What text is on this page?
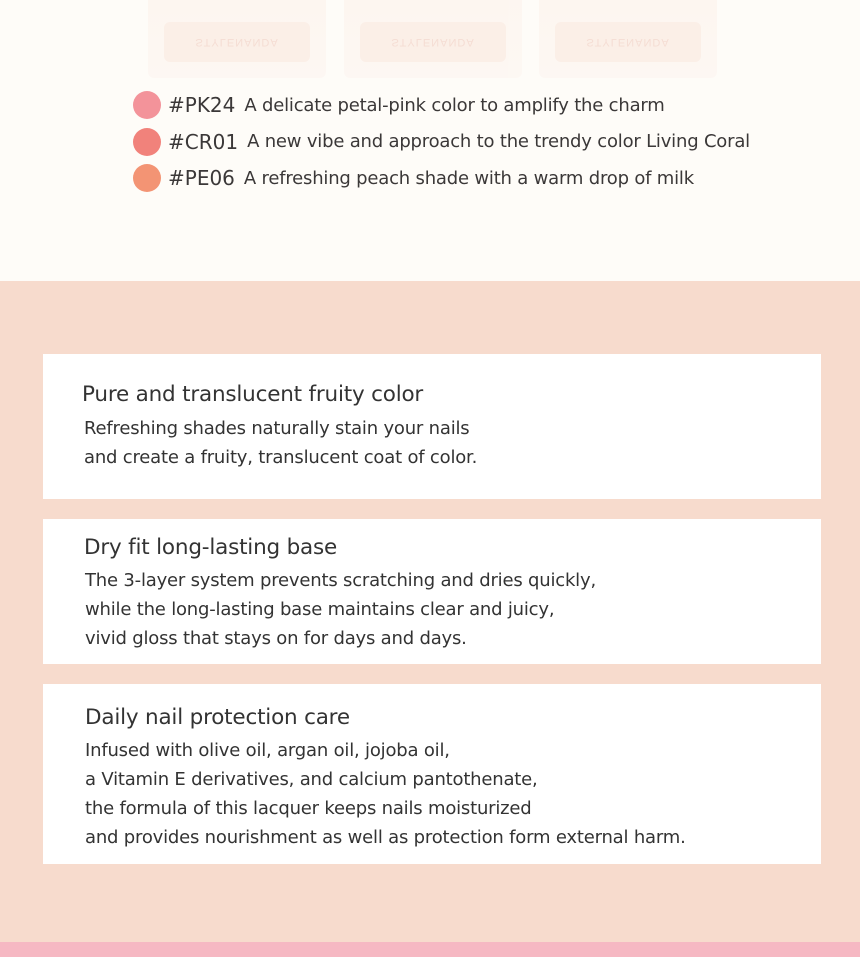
STYLENANDA	STYLENANDA	STYLENANDA
#PK24 A delicate petal-pink color to amplify the charm
#CR01 A new vibe and approach to the trendy color Living Coral
#PE06 A refreshing peach shade with a warm drop of milk
Pure and translucent fruity color
Refreshing shades naturally stain your nails
and create a fruity, translucent coat of color.
Dry fit long-lasting base
The 3-layer system prevents scratching and dries quickly,
while the long-lasting base maintains clear and juicy,
vivid gloss that stays on for days and days.
Daily nail protection care
Infused with olive oil, argan oil, jojoba oil,
a Vitamin E derivatives, and calcium pantothenate,
the formula of this lacquer keeps nails moisturized
and provides nourishment as well as protection form external harm.
